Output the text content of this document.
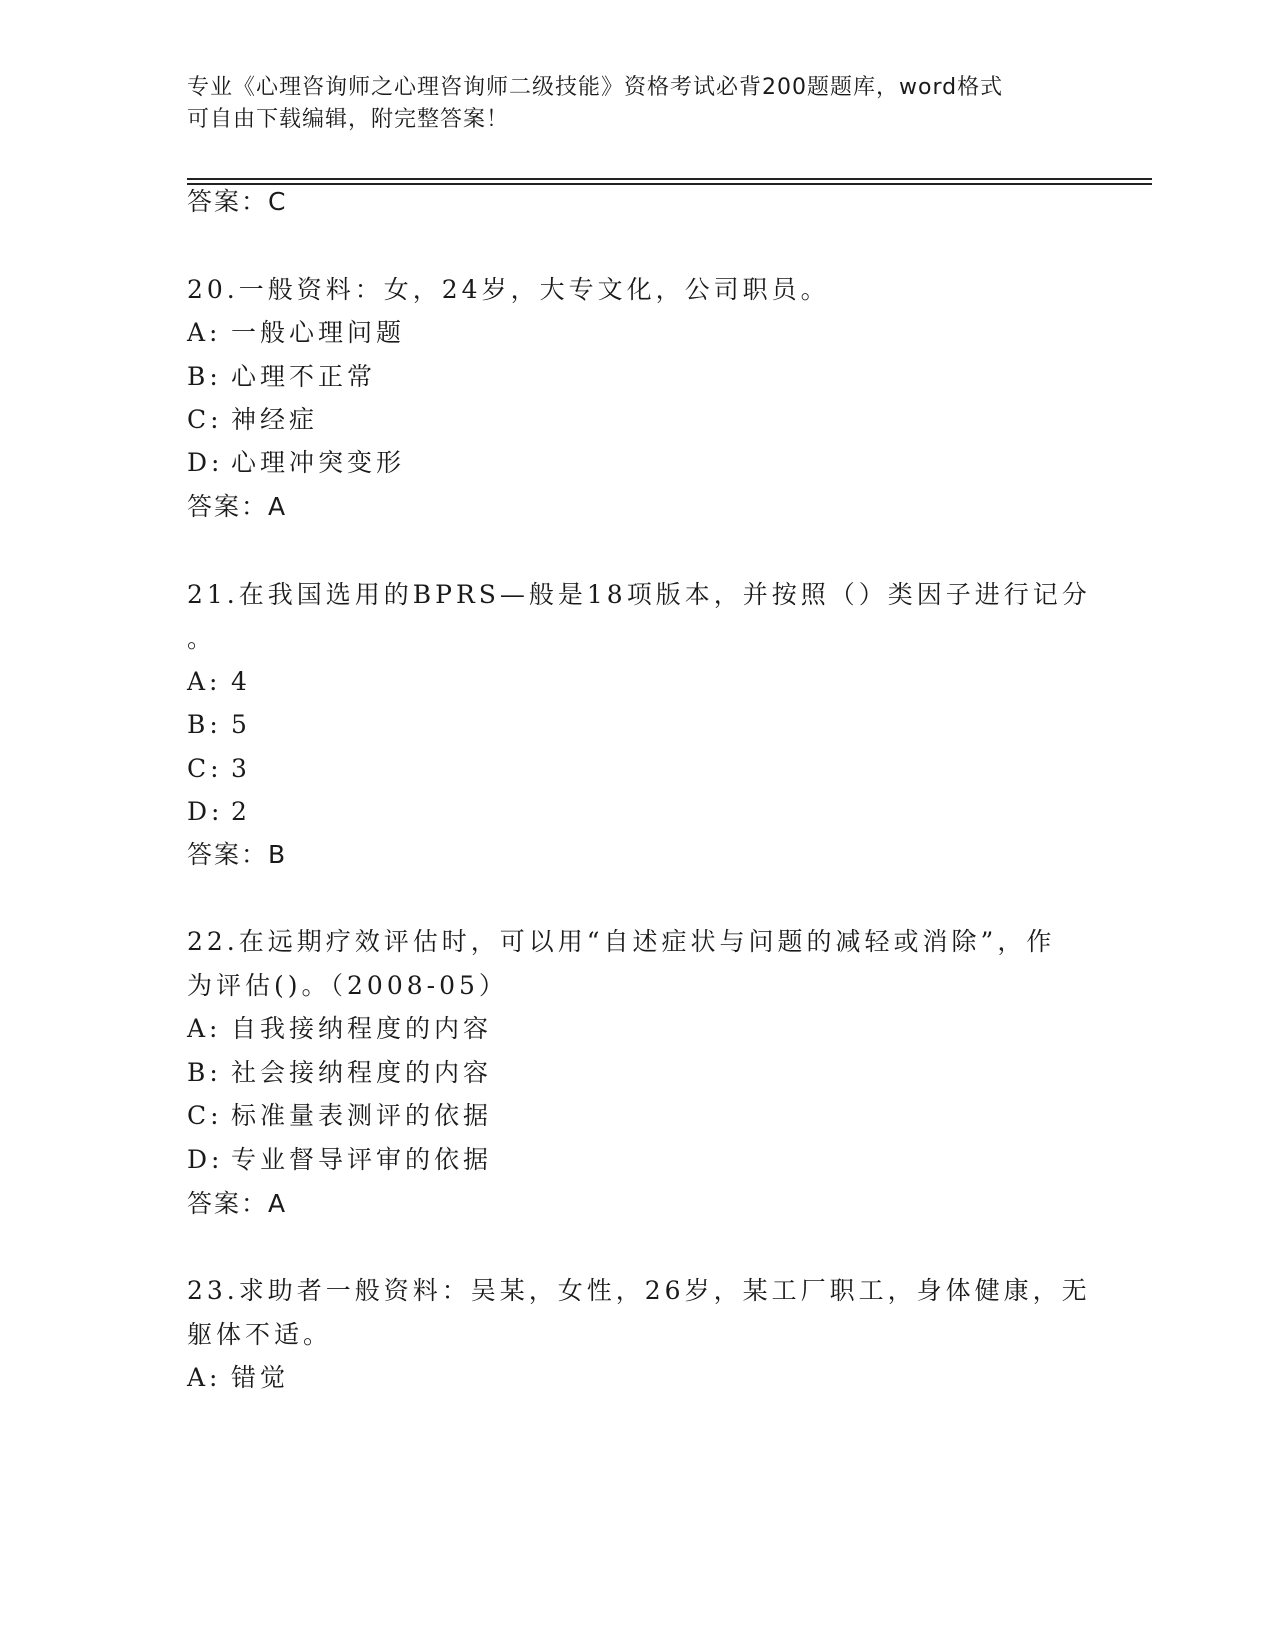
专业《心理咨询师之心理咨询师二级技能》资格考试必背200题题库，word格式
可自由下载编辑，附完整答案！
答案：C
20.一般资料：女，24岁，大专文化，公司职员。
A: 一般心理问题
B: 心理不正常
C: 神经症
D: 心理冲突变形
答案：A
21.在我国选用的BPRS—般是18项版本，并按照（）类因子进行记分
。
A: 4
B: 5
C: 3
D: 2
答案：B
22.在远期疗效评估时，可以用“自述症状与问题的减轻或消除”，作
为评估()。（2008-05）
A: 自我接纳程度的内容
B: 社会接纳程度的内容
C: 标准量表测评的依据
D: 专业督导评审的依据
答案：A
23.求助者一般资料：吴某，女性，26岁，某工厂职工，身体健康，无
躯体不适。
A: 错觉
